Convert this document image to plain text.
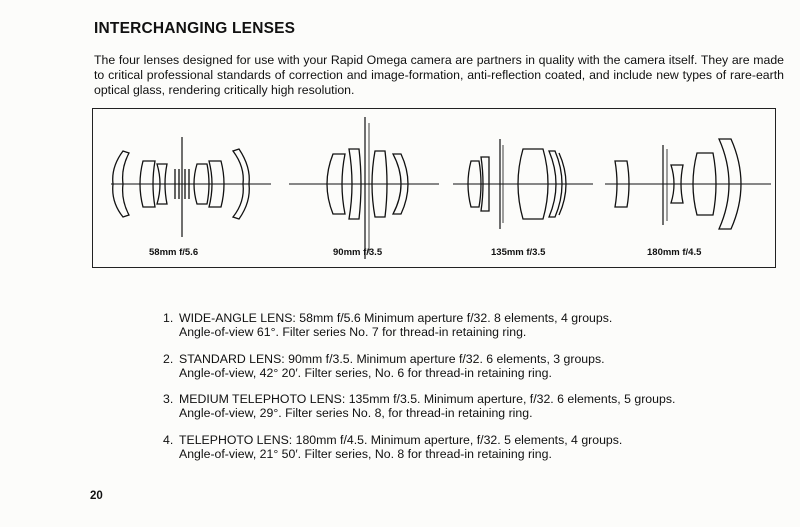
INTERCHANGING LENSES
The four lenses designed for use with your Rapid Omega camera are partners in quality with the camera itself. They are made to critical professional standards of correction and image-formation, anti-reflection coated, and include new types of rare-earth optical glass, rendering critically high resolution.
58mm f/5.6	90mm f/3.5	135mm f/3.5	180mm f/4.5
1. WIDE-ANGLE LENS: 58mm f/5.6 Minimum aperture f/32. 8 elements, 4 groups.
Angle-of-view 61°. Filter series No. 7 for thread-in retaining ring.
2. STANDARD LENS: 90mm f/3.5. Minimum aperture f/32. 6 elements, 3 groups.
Angle-of-view, 42° 20′. Filter series, No. 6 for thread-in retaining ring.
3. MEDIUM TELEPHOTO LENS: 135mm f/3.5. Minimum aperture, f/32. 6 elements, 5 groups.
Angle-of-view, 29°. Filter series No. 8, for thread-in retaining ring.
4. TELEPHOTO LENS: 180mm f/4.5. Minimum aperture, f/32. 5 elements, 4 groups.
Angle-of-view, 21° 50′. Filter series, No. 8 for thread-in retaining ring.
20
